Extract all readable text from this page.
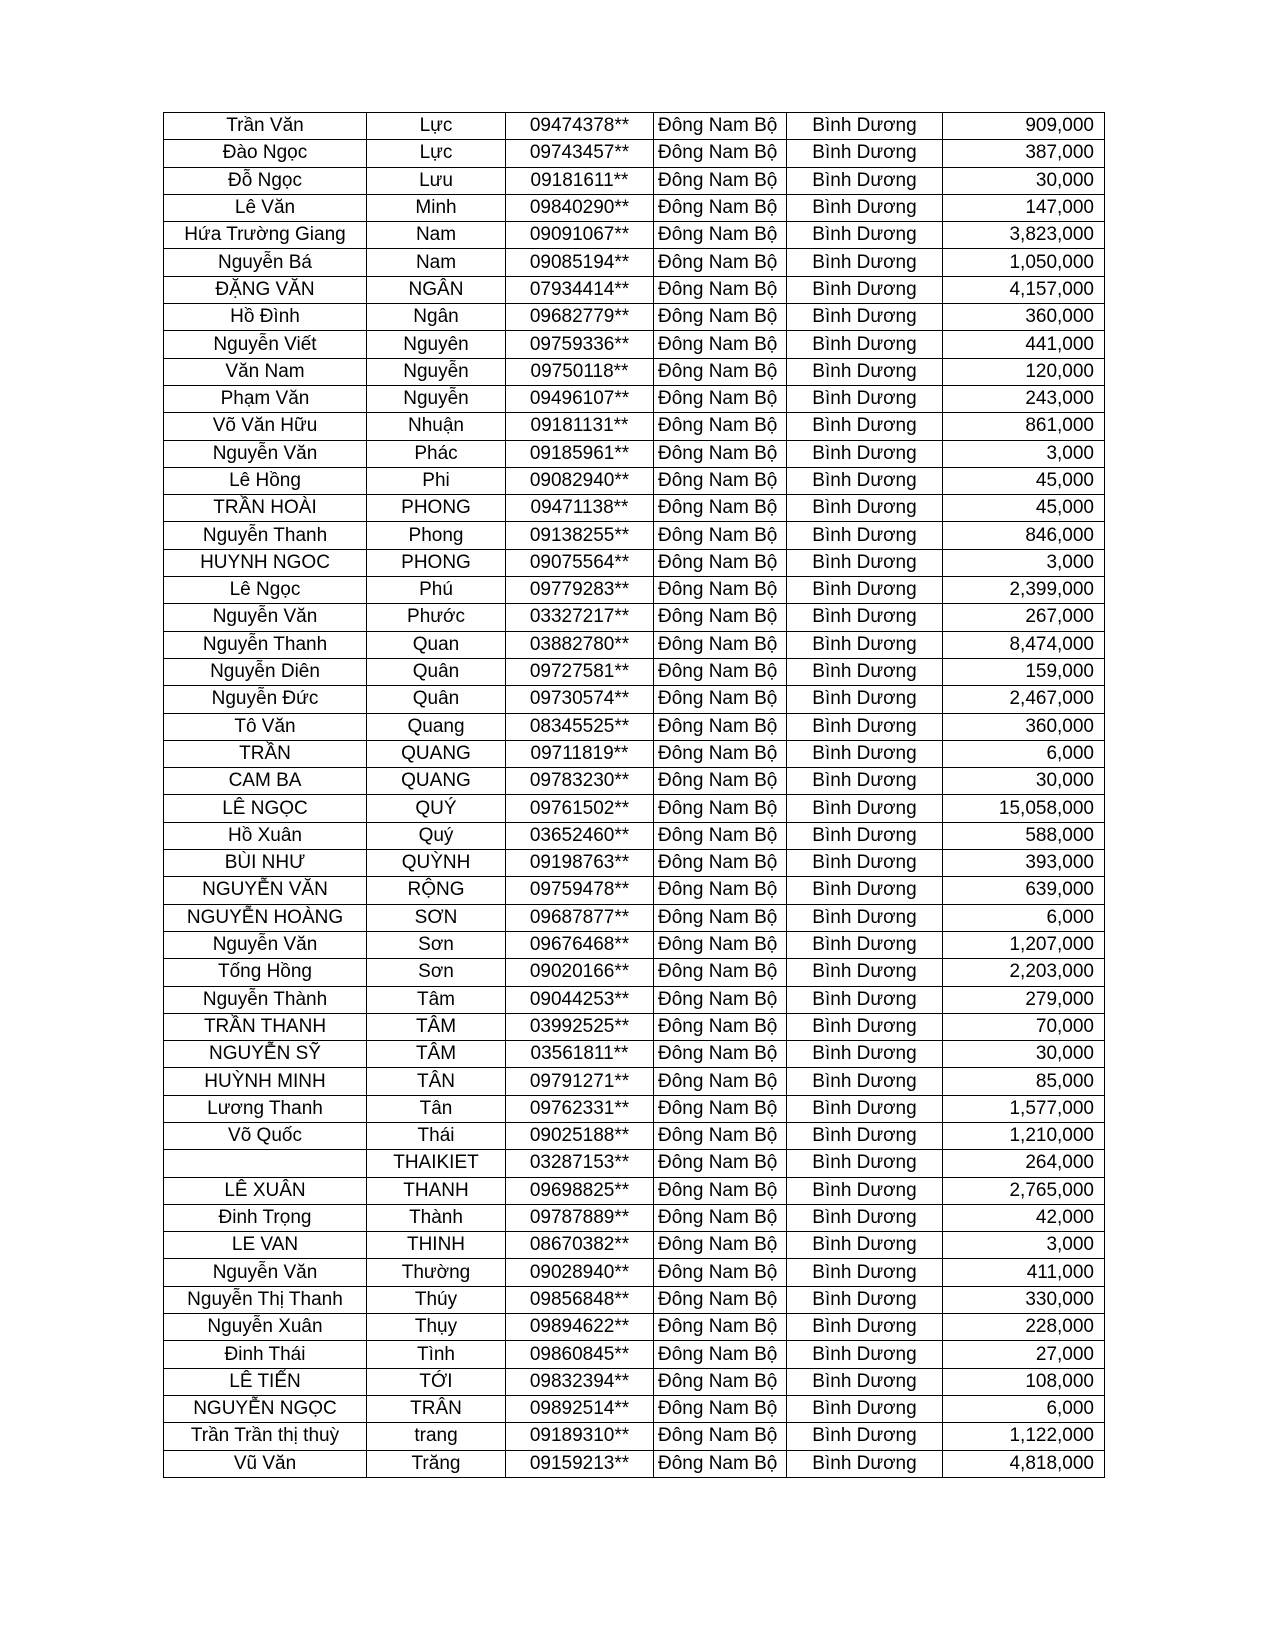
Trần Văn	Lực	09474378**	Đông Nam Bộ	Bình Dương	909,000
Đào Ngọc	Lực	09743457**	Đông Nam Bộ	Bình Dương	387,000
Đỗ Ngọc	Lưu	09181611**	Đông Nam Bộ	Bình Dương	30,000
Lê Văn	Minh	09840290**	Đông Nam Bộ	Bình Dương	147,000
Hứa Trường Giang	Nam	09091067**	Đông Nam Bộ	Bình Dương	3,823,000
Nguyễn Bá	Nam	09085194**	Đông Nam Bộ	Bình Dương	1,050,000
ĐẶNG VĂN	NGÂN	07934414**	Đông Nam Bộ	Bình Dương	4,157,000
Hồ Đình	Ngân	09682779**	Đông Nam Bộ	Bình Dương	360,000
Nguyễn Viết	Nguyên	09759336**	Đông Nam Bộ	Bình Dương	441,000
Văn Nam	Nguyễn	09750118**	Đông Nam Bộ	Bình Dương	120,000
Phạm Văn	Nguyễn	09496107**	Đông Nam Bộ	Bình Dương	243,000
Võ Văn Hữu	Nhuận	09181131**	Đông Nam Bộ	Bình Dương	861,000
Nguyễn Văn	Phác	09185961**	Đông Nam Bộ	Bình Dương	3,000
Lê Hồng	Phi	09082940**	Đông Nam Bộ	Bình Dương	45,000
TRẦN HOÀI	PHONG	09471138**	Đông Nam Bộ	Bình Dương	45,000
Nguyễn Thanh	Phong	09138255**	Đông Nam Bộ	Bình Dương	846,000
HUYNH NGOC	PHONG	09075564**	Đông Nam Bộ	Bình Dương	3,000
Lê Ngọc	Phú	09779283**	Đông Nam Bộ	Bình Dương	2,399,000
Nguyễn Văn	Phước	03327217**	Đông Nam Bộ	Bình Dương	267,000
Nguyễn Thanh	Quan	03882780**	Đông Nam Bộ	Bình Dương	8,474,000
Nguyễn Diên	Quân	09727581**	Đông Nam Bộ	Bình Dương	159,000
Nguyễn Đức	Quân	09730574**	Đông Nam Bộ	Bình Dương	2,467,000
Tô Văn	Quang	08345525**	Đông Nam Bộ	Bình Dương	360,000
TRẦN	QUANG	09711819**	Đông Nam Bộ	Bình Dương	6,000
CAM BA	QUANG	09783230**	Đông Nam Bộ	Bình Dương	30,000
LÊ NGỌC	QUÝ	09761502**	Đông Nam Bộ	Bình Dương	15,058,000
Hồ Xuân	Quý	03652460**	Đông Nam Bộ	Bình Dương	588,000
BÙI NHƯ	QUỲNH	09198763**	Đông Nam Bộ	Bình Dương	393,000
NGUYỄN VĂN	RỘNG	09759478**	Đông Nam Bộ	Bình Dương	639,000
NGUYỄN HOÀNG	SƠN	09687877**	Đông Nam Bộ	Bình Dương	6,000
Nguyễn Văn	Sơn	09676468**	Đông Nam Bộ	Bình Dương	1,207,000
Tống Hồng	Sơn	09020166**	Đông Nam Bộ	Bình Dương	2,203,000
Nguyễn Thành	Tâm	09044253**	Đông Nam Bộ	Bình Dương	279,000
TRẦN THANH	TÂM	03992525**	Đông Nam Bộ	Bình Dương	70,000
NGUYỄN SỸ	TÂM	03561811**	Đông Nam Bộ	Bình Dương	30,000
HUỲNH MINH	TÂN	09791271**	Đông Nam Bộ	Bình Dương	85,000
Lương Thanh	Tân	09762331**	Đông Nam Bộ	Bình Dương	1,577,000
Võ Quốc	Thái	09025188**	Đông Nam Bộ	Bình Dương	1,210,000
	THAIKIET	03287153**	Đông Nam Bộ	Bình Dương	264,000
LÊ XUÂN	THANH	09698825**	Đông Nam Bộ	Bình Dương	2,765,000
Đinh Trọng	Thành	09787889**	Đông Nam Bộ	Bình Dương	42,000
LE VAN	THINH	08670382**	Đông Nam Bộ	Bình Dương	3,000
Nguyễn Văn	Thường	09028940**	Đông Nam Bộ	Bình Dương	411,000
Nguyễn Thị Thanh	Thúy	09856848**	Đông Nam Bộ	Bình Dương	330,000
Nguyễn Xuân	Thụy	09894622**	Đông Nam Bộ	Bình Dương	228,000
Đinh Thái	Tình	09860845**	Đông Nam Bộ	Bình Dương	27,000
LÊ TIẾN	TỚI	09832394**	Đông Nam Bộ	Bình Dương	108,000
NGUYỄN NGỌC	TRÂN	09892514**	Đông Nam Bộ	Bình Dương	6,000
Trần Trần thị thuỳ	trang	09189310**	Đông Nam Bộ	Bình Dương	1,122,000
Vũ Văn	Trăng	09159213**	Đông Nam Bộ	Bình Dương	4,818,000
